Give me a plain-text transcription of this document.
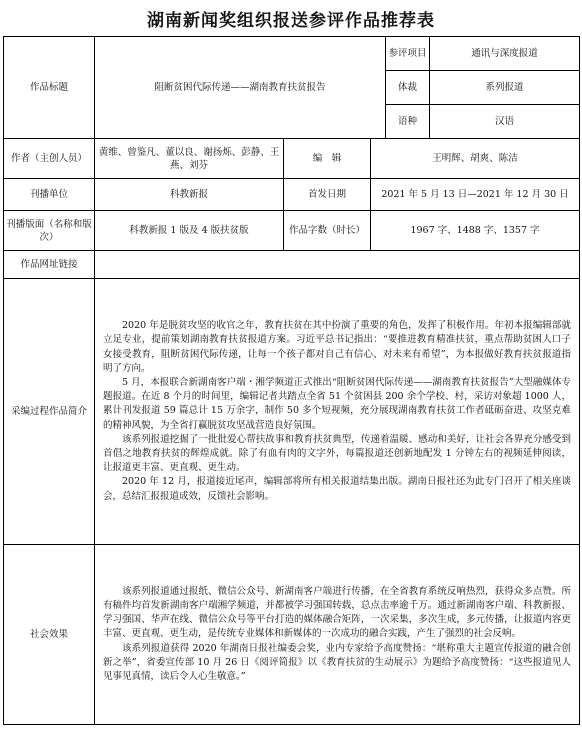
湖南新闻奖组织报送参评作品推荐表
作品标题	阻断贫困代际传递——湖南教育扶贫报告			参评项目	通讯与深度报道
				体裁	系列报道
				语种	汉语
作者（主创人员）	黄维、曾鉴凡、董以良、谢扬烁、彭静、王燕、刘芬	编　辑	王明辉、胡爽、陈洁		
刊播单位	科教新报	首发日期	2021 年 5 月 13 日—2021 年 12 月 30 日		
刊播版面（名称和版次）	科教新报 1 版及 4 版扶贫版	作品字数（时长）	1967 字、1488 字、1357 字		
作品网址链接					
采编过程作品简介	2020 年是脱贫攻坚的收官之年，教育扶贫在其中扮演了重要的角色，发挥了积极作用。年初本报编辑部就立足专业，提前策划湖南教育扶贫报道方案。习近平总书记指出：“要推进教育精准扶贫，重点帮助贫困人口子女接受教育，阻断贫困代际传递，让每一个孩子都对自己有信心、对未来有希望”，为本报做好教育扶贫报道指明了方向。

5 月，本报联合新湖南客户端・湘学频道正式推出“阻断贫困代际传递——湖南教育扶贫报告”大型融媒体专题报道。在近 8 个月的时间里，编辑记者共踏点全省 51 个贫困县 200 余个学校、村，采访对象超 1000 人，累计刊发报道 59 篇总计 15 万余字，制作 50 多个短视频，充分展现湖南教育扶贫工作者砥砺奋进、攻坚克难的精神风貌，为全省打赢脱贫攻坚战营造良好氛围。

该系列报道挖掘了一批批爱心帮扶故事和教育扶贫典型，传递着温暖、感动和美好，让社会各界充分感受到首倡之地教育扶贫的辉煌成就。除了有血有肉的文字外，每篇报道还创新地配发 1 分钟左右的视频延伸阅读，让报道更丰富、更直观、更生动。

2020 年 12 月，报道接近尾声，编辑部将所有相关报道结集出版。湖南日报社还为此专门召开了相关座谈会，总结汇报报道成效，反馈社会影响。				

社会效果	该系列报道通过报纸、微信公众号、新湖南客户端进行传播，在全省教育系统反响热烈，获得众多点赞。所有稿件均首发新湖南客户端湘学频道，并都被学习强国转载，总点击率逾千万。通过新湖南客户端、科教新报、学习强国、华声在线、微信公众号等平台打造的媒体融合矩阵，一次采集，多次生成，多元传播，让报道内容更丰富、更直观、更生动，是传统专业媒体和新媒体的一次成功的融合实践，产生了强烈的社会反响。

该系列报道获得 2020 年湖南日报社编委会奖，业内专家给予高度赞扬：“堪称重大主题宣传报道的融合创新之举”，省委宣传部 10 月 26 日《阅评简报》以《教育扶贫的生动展示》为题给予高度赞扬：“这些报道见人见事见真情，读后令人心生敬意。”				
